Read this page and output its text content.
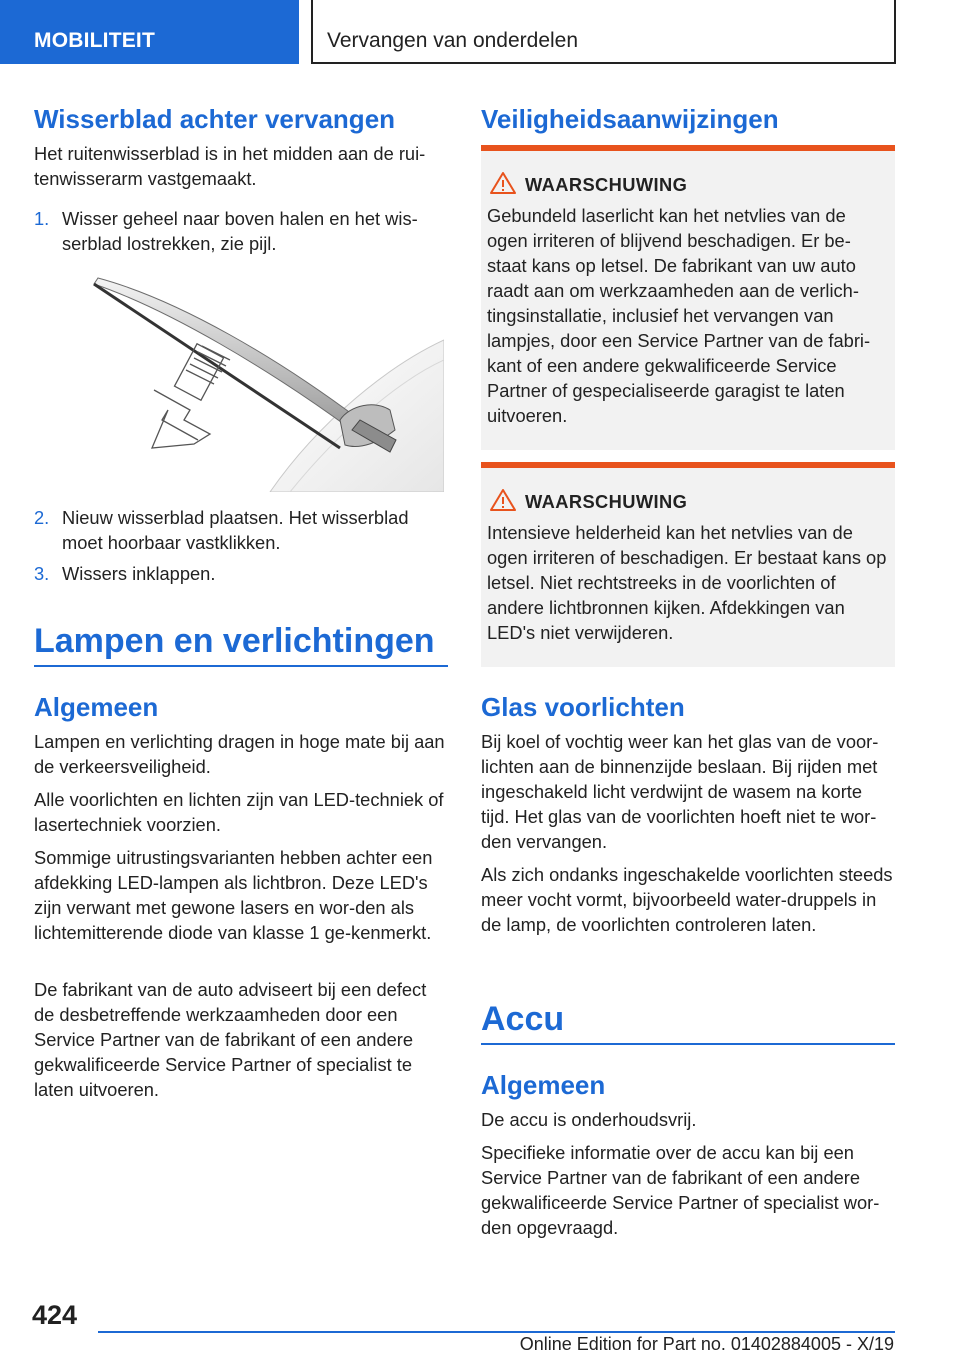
MOBILITEIT	Vervangen van onderdelen
Wisserblad achter vervangen
Het ruitenwisserblad is in het midden aan de rui-tenwisserarm vastgemaakt.
1. Wisser geheel naar boven halen en het wis-serblad lostrekken, zie pijl.
2. Nieuw wisserblad plaatsen. Het wisserblad moet hoorbaar vastklikken.
3. Wissers inklappen.
Lampen en verlichtingen
Algemeen
Lampen en verlichting dragen in hoge mate bij aan de verkeersveiligheid.
Alle voorlichten en lichten zijn van LED-techniek of lasertechniek voorzien.
Sommige uitrustingsvarianten hebben achter een afdekking LED-lampen als lichtbron. Deze LED's zijn verwant met gewone lasers en wor-den als lichtemitterende diode van klasse 1 ge-kenmerkt.
De fabrikant van de auto adviseert bij een defect de desbetreffende werkzaamheden door een Service Partner van de fabrikant of een andere gekwalificeerde Service Partner of specialist te laten uitvoeren.
Veiligheidsaanwijzingen
WAARSCHUWING
Gebundeld laserlicht kan het netvlies van de ogen irriteren of blijvend beschadigen. Er be-staat kans op letsel. De fabrikant van uw auto raadt aan om werkzaamheden aan de verlich-tingsinstallatie, inclusief het vervangen van lampjes, door een Service Partner van de fabri-kant of een andere gekwalificeerde Service Partner of gespecialiseerde garagist te laten uitvoeren.
WAARSCHUWING
Intensieve helderheid kan het netvlies van de ogen irriteren of beschadigen. Er bestaat kans op letsel. Niet rechtstreeks in de voorlichten of andere lichtbronnen kijken. Afdekkingen van LED's niet verwijderen.
Glas voorlichten
Bij koel of vochtig weer kan het glas van de voor-lichten aan de binnenzijde beslaan. Bij rijden met ingeschakeld licht verdwijnt de wasem na korte tijd. Het glas van de voorlichten hoeft niet te wor-den vervangen.
Als zich ondanks ingeschakelde voorlichten steeds meer vocht vormt, bijvoorbeeld water-druppels in de lamp, de voorlichten controleren laten.
Accu
Algemeen
De accu is onderhoudsvrij.
Specifieke informatie over de accu kan bij een Service Partner van de fabrikant of een andere gekwalificeerde Service Partner of specialist wor-den opgevraagd.
424
Online Edition for Part no. 01402884005 - X/19
